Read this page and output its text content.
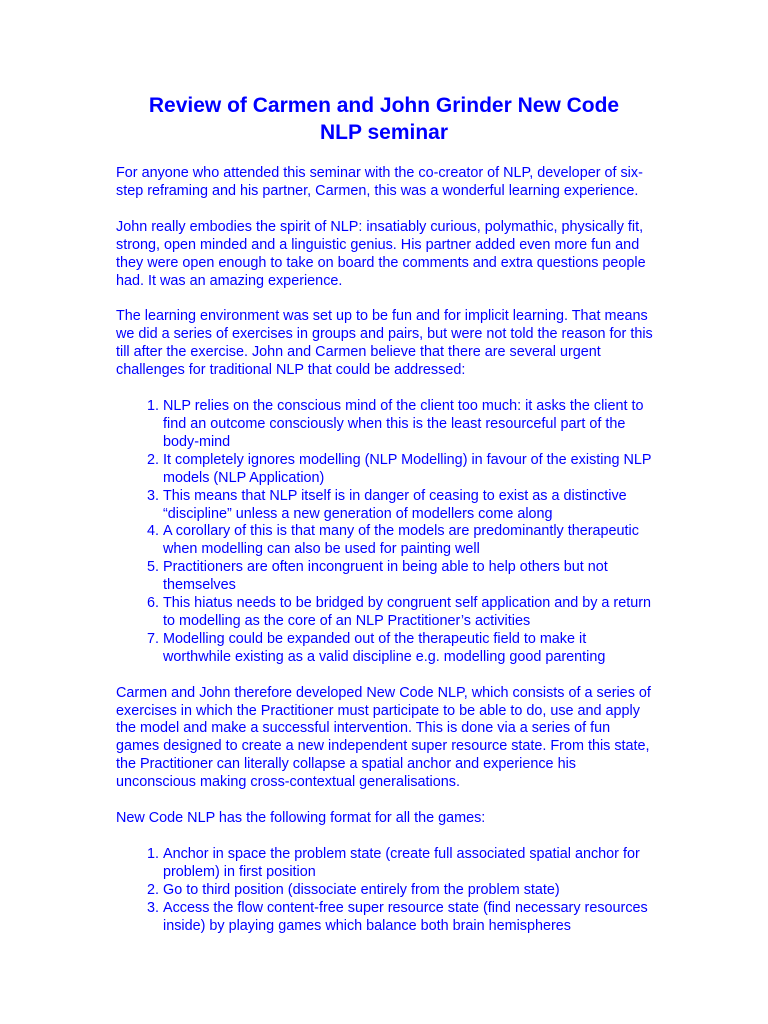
Review of Carmen and John Grinder New Code
NLP seminar

For anyone who attended this seminar with the co-creator of NLP, developer of six-step reframing and his partner, Carmen, this was a wonderful learning experience.

John really embodies the spirit of NLP: insatiably curious, polymathic, physically fit, strong, open minded and a linguistic genius. His partner added even more fun and they were open enough to take on board the comments and extra questions people had. It was an amazing experience.

The learning environment was set up to be fun and for implicit learning. That means we did a series of exercises in groups and pairs, but were not told the reason for this till after the exercise. John and Carmen believe that there are several urgent challenges for traditional NLP that could be addressed:

1. NLP relies on the conscious mind of the client too much: it asks the client to find an outcome consciously when this is the least resourceful part of the body-mind
2. It completely ignores modelling (NLP Modelling) in favour of the existing NLP models (NLP Application)
3. This means that NLP itself is in danger of ceasing to exist as a distinctive “discipline” unless a new generation of modellers come along
4. A corollary of this is that many of the models are predominantly therapeutic when modelling can also be used for painting well
5. Practitioners are often incongruent in being able to help others but not themselves
6. This hiatus needs to be bridged by congruent self application and by a return to modelling as the core of an NLP Practitioner’s activities
7. Modelling could be expanded out of the therapeutic field to make it worthwhile existing as a valid discipline e.g. modelling good parenting

Carmen and John therefore developed New Code NLP, which consists of a series of exercises in which the Practitioner must participate to be able to do, use and apply the model and make a successful intervention. This is done via a series of fun games designed to create a new independent super resource state. From this state, the Practitioner can literally collapse a spatial anchor and experience his unconscious making cross-contextual generalisations.

New Code NLP has the following format for all the games:

1. Anchor in space the problem state (create full associated spatial anchor for problem) in first position
2. Go to third position (dissociate entirely from the problem state)
3. Access the flow content-free super resource state (find necessary resources inside) by playing games which balance both brain hemispheres
